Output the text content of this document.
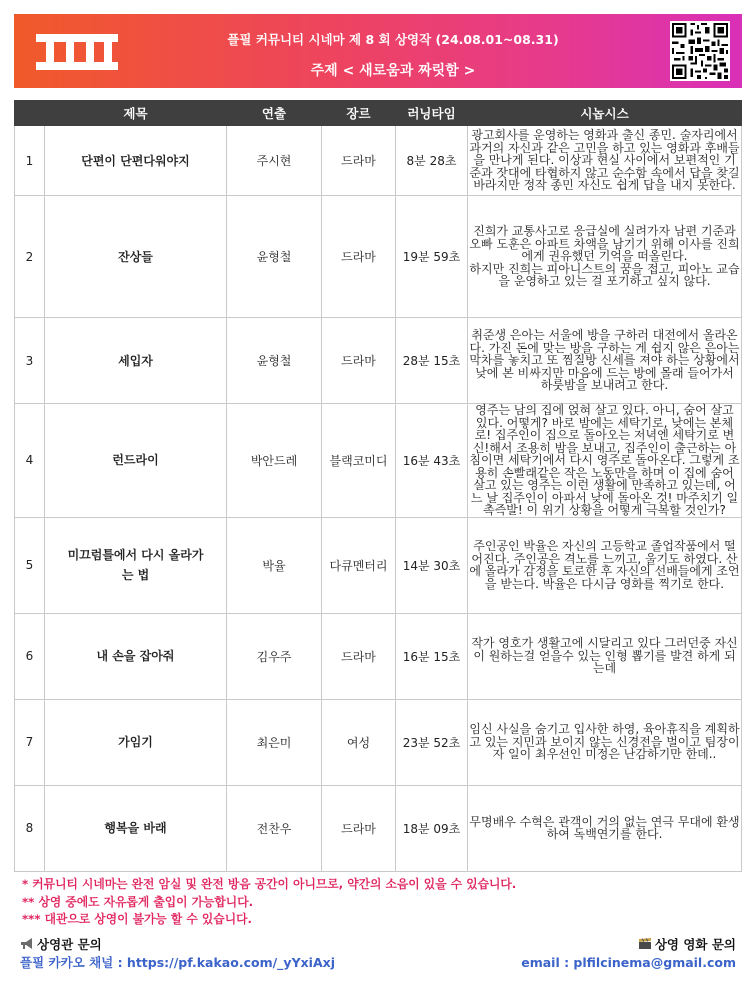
플필 커뮤니티 시네마 제 8 회 상영작 (24.08.01~08.31)
주제 < 새로움과 짜릿함 >
	제목	연출	장르	러닝타임	시놉시스
1	단편이 단편다워야지	주시현	드라마	8분 28초	광고회사를 운영하는 영화과 출신 종민. 술자리에서 과거의 자신과 같은 고민을 하고 있는 영화과 후배들을 만나게 된다. 이상과 현실 사이에서 보편적인 기준과 잣대에 타협하지 않고 순수함 속에서 답을 찾길 바라지만 정작 종민 자신도 쉽게 답을 내지 못한다.
2	잔상들	윤형철	드라마	19분 59초	진희가 교통사고로 응급실에 실려가자 남편 기준과 오빠 도훈은 아파트 차액을 남기기 위해 이사를 진희에게 권유했던 기억을 떠올린다.
하지만 진희는 피아니스트의 꿈을 접고, 피아노 교습을 운영하고 있는 걸 포기하고 싶지 않다.

3	세입자	윤형철	드라마	28분 15초	취준생 은아는 서울에 방을 구하러 대전에서 올라온다. 가진 돈에 맞는 방을 구하는 게 쉽지 않은 은아는 막차를 놓치고 또 찜질방 신세를 져야 하는 상황에서 낮에 본 비싸지만 마음에 드는 방에 몰래 들어가서 하룻밤을 보내려고 한다.
4	런드라이	박안드레	블랙코미디	16분 43초	영주는 남의 집에 얹혀 살고 있다. 아니, 숨어 살고 있다. 어떻게? 바로 밤에는 세탁기로, 낮에는 본체로! 집주인이 집으로 돌아오는 저녁엔 세탁기로 변신!해서 조용히 밤을 보내고, 집주인이 출근하는 아침이면 세탁기에서 다시 영주로 돌아온다. 그렇게 조용히 손빨래같은 작은 노동만을 하며 이 집에 숨어 살고 있는 영주는 이런 생활에 만족하고 있는데, 어느 날 집주인이 아파서 낮에 돌아온 것! 마주치기 일촉즉발! 이 위기 상황을 어떻게 극복할 것인가?
5	미끄럼틀에서 다시 올라가는 법	박율	다큐멘터리	14분 30초	주인공인 박율은 자신의 고등학교 졸업작품에서 떨어진다. 주인공은 격노를 느끼고, 울기도 하였다. 산에 올라가 감정을 토로한 후 자신의 선배들에게 조언을 받는다. 박율은 다시금 영화를 찍기로 한다.
6	내 손을 잡아줘	김우주	드라마	16분 15초	작가 영호가 생활고에 시달리고 있다 그러던중 자신이 원하는걸 얻을수 있는 인형 뽑기를 발견 하게 되는데
7	가임기	최은미	여성	23분 52초	임신 사실을 숨기고 입사한 하영, 육아휴직을 계획하고 있는 지민과 보이지 않는 신경전을 벌이고 팀장이자 일이 최우선인 미정은 난감하기만 한데..
8	행복을 바래	전찬우	드라마	18분 09초	무명배우 수혁은 관객이 거의 없는 연극 무대에 환생하여 독백연기를 한다.
* 커뮤니티 시네마는 완전 암실 및 완전 방음 공간이 아니므로, 약간의 소음이 있을 수 있습니다.
** 상영 중에도 자유롭게 출입이 가능합니다.
*** 대관으로 상영이 불가능 할 수 있습니다.
상영관 문의
플필 카카오 채널 : https://pf.kakao.com/_yYxiAxj
상영 영화 문의
email : plfilcinema@gmail.com
